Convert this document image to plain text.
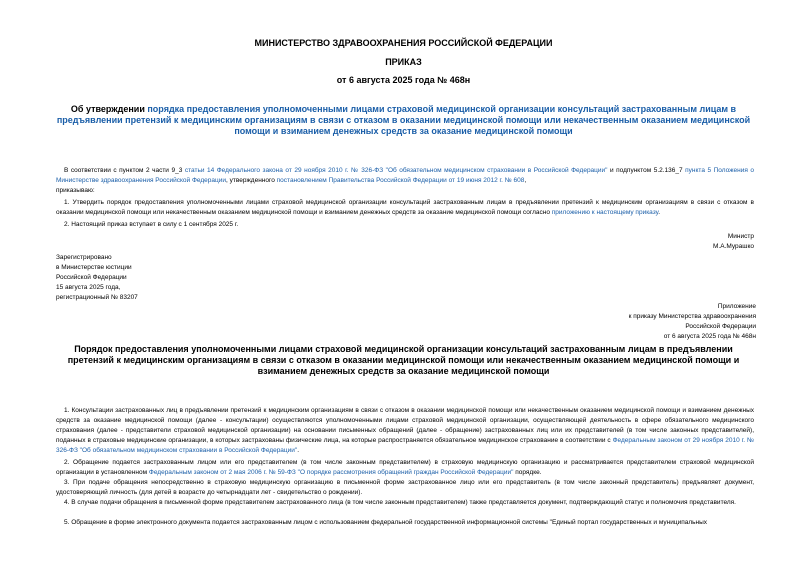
МИНИСТЕРСТВО ЗДРАВООХРАНЕНИЯ РОССИЙСКОЙ ФЕДЕРАЦИИ
ПРИКАЗ
от 6 августа 2025 года № 468н
Об утверждении порядка предоставления уполномоченными лицами страховой медицинской организации консультаций застрахованным лицам в предъявлении претензий к медицинским организациям в связи с отказом в оказании медицинской помощи или некачественным оказанием медицинской помощи и взиманием денежных средств за оказание медицинской помощи
В соответствии с пунктом 2 части 9_3 статьи 14 Федерального закона от 29 ноября 2010 г. № 326-ФЗ "Об обязательном медицинском страховании в Российской Федерации" и подпунктом 5.2.136_7 пункта 5 Положения о Министерстве здравоохранения Российской Федерации, утвержденного постановлением Правительства Российской Федерации от 19 июня 2012 г. № 608,
приказываю:
1. Утвердить порядок предоставления уполномоченными лицами страховой медицинской организации консультаций застрахованным лицам в предъявлении претензий к медицинским организациям в связи с отказом в оказании медицинской помощи или некачественным оказанием медицинской помощи и взиманием денежных средств за оказание медицинской помощи согласно приложению к настоящему приказу.
2. Настоящий приказ вступает в силу с 1 сентября 2025 г.
Министр
М.А.Мурашко
Зарегистрировано
в Министерстве юстиции
Российской Федерации
15 августа 2025 года,
регистрационный № 83207
Приложение
к приказу Министерства здравоохранения
Российской Федерации
от 6 августа 2025 года № 468н
Порядок предоставления уполномоченными лицами страховой медицинской организации консультаций застрахованным лицам в предъявлении претензий к медицинским организациям в связи с отказом в оказании медицинской помощи или некачественным оказанием медицинской помощи и взиманием денежных средств за оказание медицинской помощи
1. Консультации застрахованных лиц в предъявлении претензий к медицинским организациям в связи с отказом в оказании медицинской помощи или некачественным оказанием медицинской помощи и взиманием денежных средств за оказание медицинской помощи (далее - консультации) осуществляются уполномоченными лицами страховой медицинской организации, осуществляющей деятельность в сфере обязательного медицинского страхования (далее - представители страховой медицинской организации) на основании письменных обращений (далее - обращение) застрахованных лиц или их представителей (в том числе законных представителей), поданных в страховые медицинские организации, в которых застрахованы физические лица, на которые распространяется обязательное медицинское страхование в соответствии с Федеральным законом от 29 ноября 2010 г. № 326-ФЗ "Об обязательном медицинском страховании в Российской Федерации".
2. Обращение подается застрахованным лицом или его представителем (в том числе законным представителем) в страховую медицинскую организацию и рассматривается представителем страховой медицинской организации в установленном Федеральным законом от 2 мая 2006 г. № 59-ФЗ "О порядке рассмотрения обращений граждан Российской Федерации" порядке.
3. При подаче обращения непосредственно в страховую медицинскую организацию в письменной форме застрахованное лицо или его представитель (в том числе законный представитель) предъявляет документ, удостоверяющий личность (для детей в возрасте до четырнадцати лет - свидетельство о рождении).
4. В случае подачи обращения в письменной форме представителем застрахованного лица (в том числе законным представителем) также представляется документ, подтверждающий статус и полномочия представителя.
5. Обращение в форме электронного документа подается застрахованным лицом с использованием федеральной государственной информационной системы "Единый портал государственных и муниципальных
